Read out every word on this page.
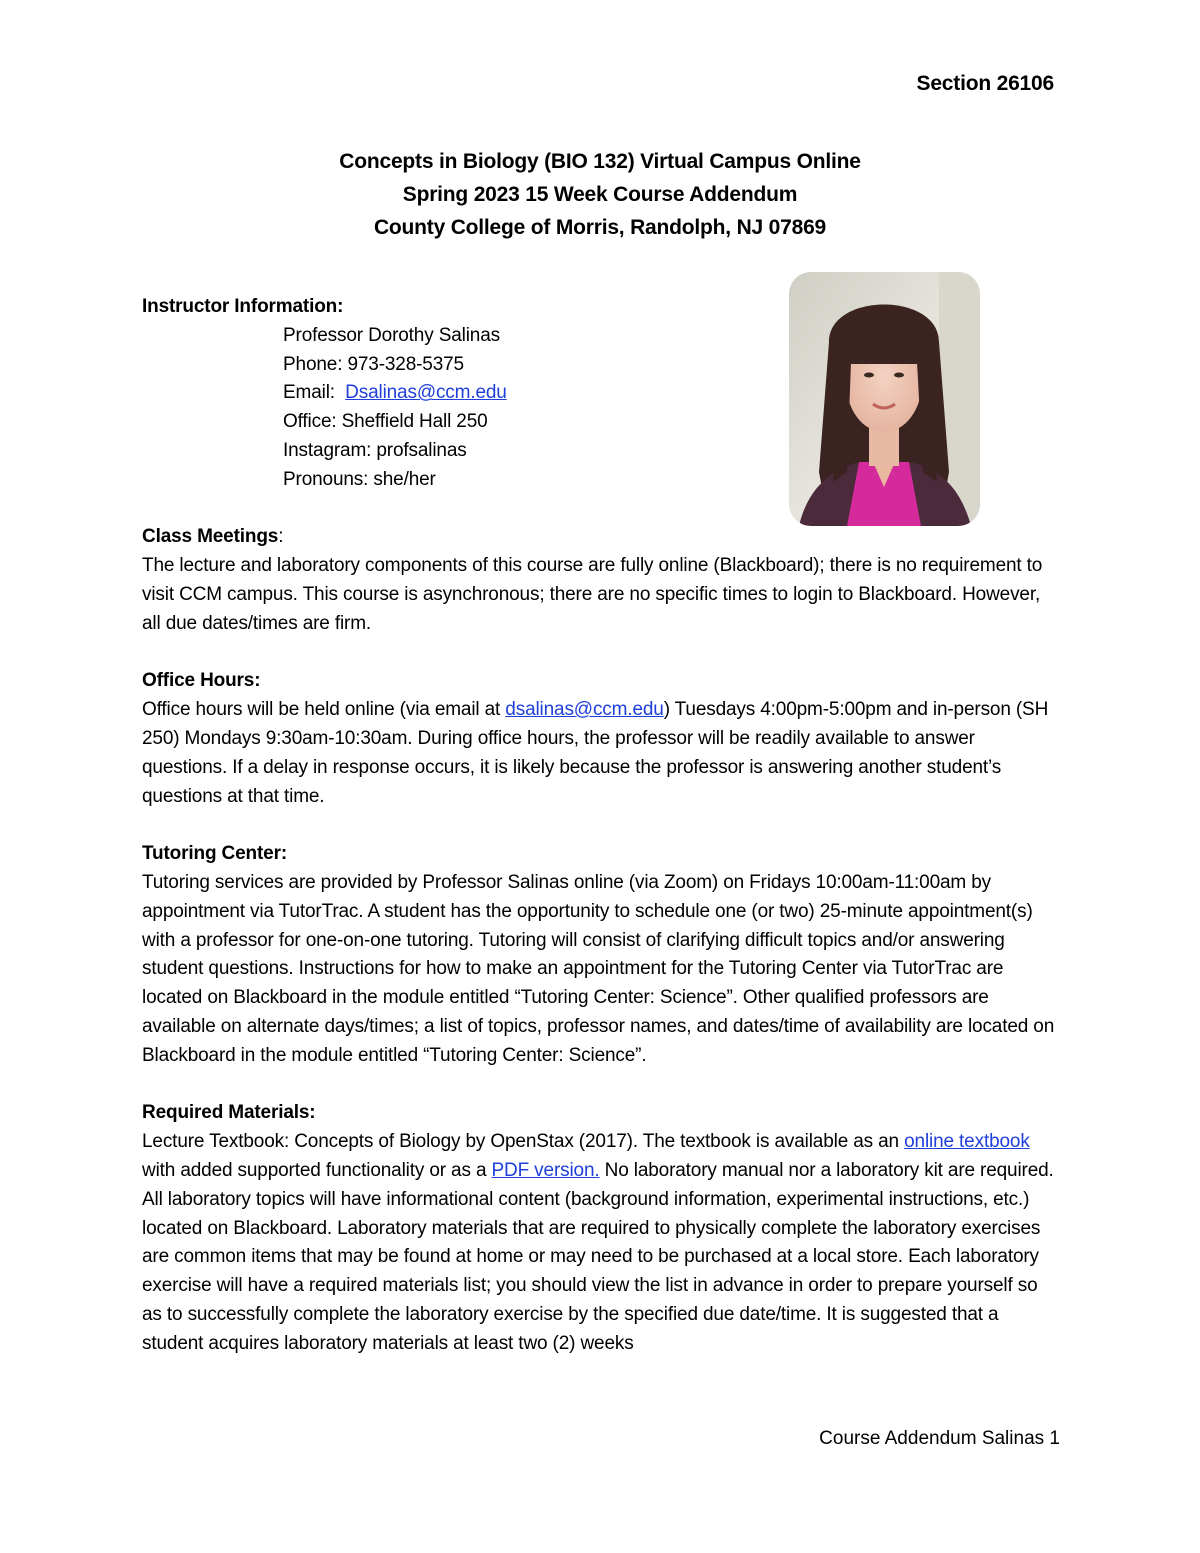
Section 26106
Concepts in Biology (BIO 132) Virtual Campus Online
Spring 2023 15 Week Course Addendum
County College of Morris, Randolph, NJ 07869
Instructor Information:
Professor Dorothy Salinas
Phone: 973-328-5375
Email: Dsalinas@ccm.edu
Office: Sheffield Hall 250
Instagram: profsalinas
Pronouns: she/her
Class Meetings:
The lecture and laboratory components of this course are fully online (Blackboard); there is no requirement to visit CCM campus. This course is asynchronous; there are no specific times to login to Blackboard. However, all due dates/times are firm.
Office Hours:
Office hours will be held online (via email at dsalinas@ccm.edu) Tuesdays 4:00pm-5:00pm and in-person (SH 250) Mondays 9:30am-10:30am. During office hours, the professor will be readily available to answer questions. If a delay in response occurs, it is likely because the professor is answering another student’s questions at that time.
Tutoring Center:
Tutoring services are provided by Professor Salinas online (via Zoom) on Fridays 10:00am-11:00am by appointment via TutorTrac. A student has the opportunity to schedule one (or two) 25-minute appointment(s) with a professor for one-on-one tutoring. Tutoring will consist of clarifying difficult topics and/or answering student questions. Instructions for how to make an appointment for the Tutoring Center via TutorTrac are located on Blackboard in the module entitled “Tutoring Center: Science”. Other qualified professors are available on alternate days/times; a list of topics, professor names, and dates/time of availability are located on Blackboard in the module entitled “Tutoring Center: Science”.
Required Materials:
Lecture Textbook: Concepts of Biology by OpenStax (2017). The textbook is available as an online textbook with added supported functionality or as a PDF version. No laboratory manual nor a laboratory kit are required. All laboratory topics will have informational content (background information, experimental instructions, etc.) located on Blackboard. Laboratory materials that are required to physically complete the laboratory exercises are common items that may be found at home or may need to be purchased at a local store. Each laboratory exercise will have a required materials list; you should view the list in advance in order to prepare yourself so as to successfully complete the laboratory exercise by the specified due date/time. It is suggested that a student acquires laboratory materials at least two (2) weeks
Course Addendum Salinas 1
